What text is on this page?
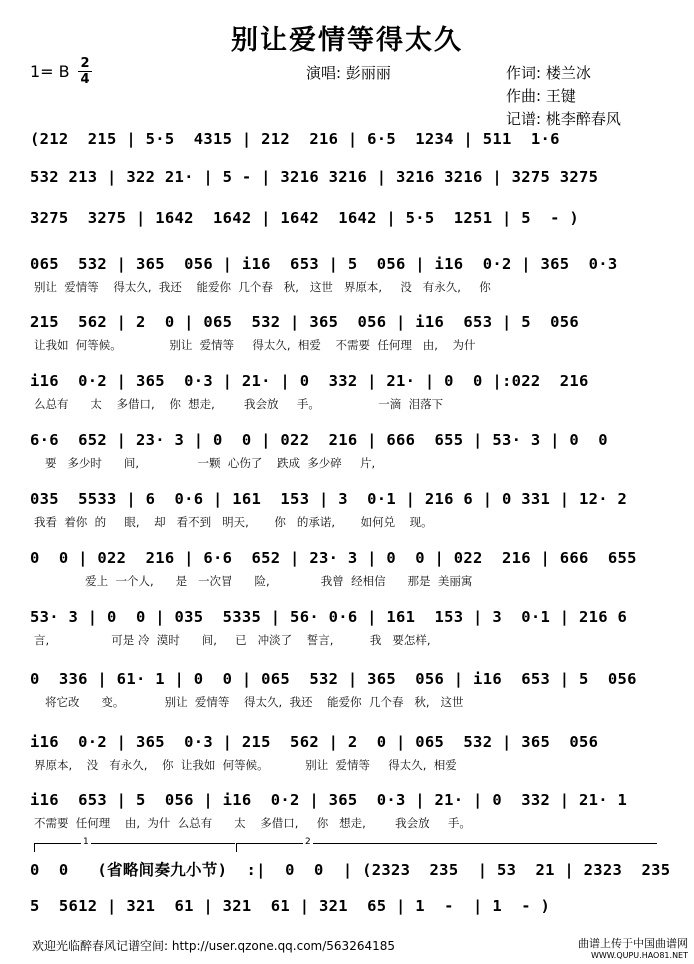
别让爱情等得太久
1= B 2
4	演唱: 彭丽丽	作词: 楼兰冰
作曲: 王键
记谱: 桃李醉春风
(212  215 | 5·5  4315 | 212  216 | 6·5  1234 | 511  1·6
532 213 | 322 21· | 5 - | 3216 3216 | 3216 3216 | 3275 3275
3275  3275 | 1642  1642 | 1642  1642 | 5·5  1251 | 5  - )
065  532 | 365  056 | i16  653 | 5  056 | i16  0·2 | 365  0·3
别让  爱情等    得太久,  我还    能爱你  几个春   秋,   这世   界原本,     没   有永久,     你
215  562 | 2  0 | 065  532 | 365  056 | i16  653 | 5  056
让我如  何等候。             别让  爱情等     得太久,  相爱    不需要  任何理   由,    为什
i16  0·2 | 365  0·3 | 21· | 0  332 | 21· | 0  0 |:022  216
么总有      太    多借口,    你  想走,        我会放     手。                一滴  泪落下
6·6  652 | 23· 3 | 0  0 | 022  216 | 666  655 | 53· 3 | 0  0
要   多少时      间,                一颗  心伤了    跌成  多少碎     片,
035  5533 | 6  0·6 | 161  153 | 3  0·1 | 216 6 | 0 331 | 12· 2
我看  着你  的     眼,    却   看不到   明天,       你   的承诺,       如何兑    现。
0  0 | 022  216 | 6·6  652 | 23· 3 | 0  0 | 022  216 | 666  655
爱上  一个人,      是   一次冒      险,              我曾  经相信      那是  美丽寓
53· 3 | 0  0 | 035  5335 | 56· 0·6 | 161  153 | 3  0·1 | 216 6
言,                 可是 冷  漠时      间,     已   冲淡了    誓言,          我   要怎样,
0  336 | 61· 1 | 0  0 | 065  532 | 365  056 | i16  653 | 5  056
将它改      变。           别让  爱情等    得太久,  我还    能爱你  几个春   秋,   这世
i16  0·2 | 365  0·3 | 215  562 | 2  0 | 065  532 | 365  056
界原本,    没   有永久,    你  让我如  何等候。          别让  爱情等     得太久,  相爱
i16  653 | 5  056 | i16  0·2 | 365  0·3 | 21· | 0  332 | 21· 1
不需要  任何理    由,  为什  么总有      太    多借口,     你   想走,        我会放     手。
1	2
0  0   (省略间奏九小节)  :|  0  0  | (2323  235  | 53  21 | 2323  235
5  5612 | 321  61 | 321  61 | 321  65 | 1  -  | 1  - )
欢迎光临醉春风记谱空间: http://user.qzone.qq.com/563264185	曲谱上传于中国曲谱网
WWW.QUPU.HAO81.NET
